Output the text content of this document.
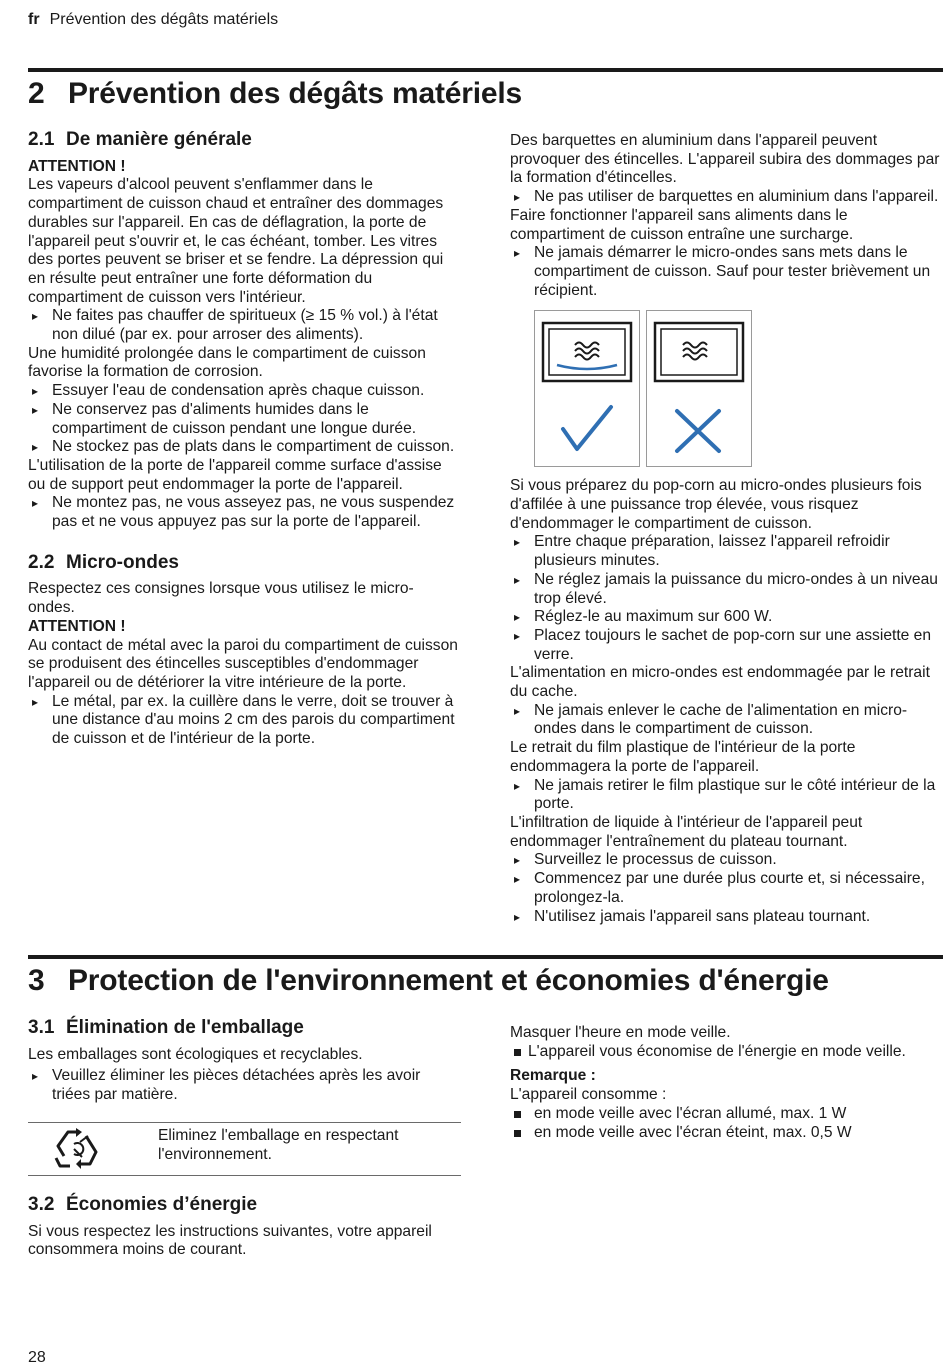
fr Prévention des dégâts matériels
2 Prévention des dégâts matériels
2.1 De manière générale

ATTENTION !

Les vapeurs d'alcool peuvent s'enflammer dans le compartiment de cuisson chaud et entraîner des dommages durables sur l'appareil. En cas de déflagration, la porte de l'appareil peut s'ouvrir et, le cas échéant, tomber. Les vitres des portes peuvent se briser et se fendre. La dépression qui en résulte peut entraîner une forte déformation du compartiment de cuisson vers l'intérieur.

▸ Ne faites pas chauffer de spiritueux (≥ 15 % vol.) à l'état non dilué (par ex. pour arroser des aliments).

Une humidité prolongée dans le compartiment de cuisson favorise la formation de corrosion.

▸ Essuyer l'eau de condensation après chaque cuisson.
▸ Ne conservez pas d'aliments humides dans le compartiment de cuisson pendant une longue durée.
▸ Ne stockez pas de plats dans le compartiment de cuisson.

L'utilisation de la porte de l'appareil comme surface d'assise ou de support peut endommager la porte de l'appareil.

▸ Ne montez pas, ne vous asseyez pas, ne vous suspendez pas et ne vous appuyez pas sur la porte de l'appareil.
2.2 Micro-ondes

Respectez ces consignes lorsque vous utilisez le micro-ondes.

ATTENTION !

Au contact de métal avec la paroi du compartiment de cuisson se produisent des étincelles susceptibles d'endommager l'appareil ou de détériorer la vitre intérieure de la porte.

▸ Le métal, par ex. la cuillère dans le verre, doit se trouver à une distance d'au moins 2 cm des parois du compartiment de cuisson et de l'intérieur de la porte.

Des barquettes en aluminium dans l'appareil peuvent provoquer des étincelles. L'appareil subira des dommages par la formation d'étincelles.

▸ Ne pas utiliser de barquettes en aluminium dans l'appareil.

Faire fonctionner l'appareil sans aliments dans le compartiment de cuisson entraîne une surcharge.

▸ Ne jamais démarrer le micro-ondes sans mets dans le compartiment de cuisson. Sauf pour tester brièvement un récipient.

Si vous préparez du pop-corn au micro-ondes plusieurs fois d'affilée à une puissance trop élevée, vous risquez d'endommager le compartiment de cuisson.

▸ Entre chaque préparation, laissez l'appareil refroidir plusieurs minutes.
▸ Ne réglez jamais la puissance du micro-ondes à un niveau trop élevé.
▸ Réglez-le au maximum sur 600 W.
▸ Placez toujours le sachet de pop-corn sur une assiette en verre.

L'alimentation en micro-ondes est endommagée par le retrait du cache.

▸ Ne jamais enlever le cache de l'alimentation en micro-ondes dans le compartiment de cuisson.

Le retrait du film plastique de l'intérieur de la porte endommagera la porte de l'appareil.

▸ Ne jamais retirer le film plastique sur le côté intérieur de la porte.

L'infiltration de liquide à l'intérieur de l'appareil peut endommager l'entraînement du plateau tournant.

▸ Surveillez le processus de cuisson.
▸ Commencez par une durée plus courte et, si nécessaire, prolongez-la.
▸ N'utilisez jamais l'appareil sans plateau tournant.
3 Protection de l'environnement et économies d'énergie
3.1 Élimination de l'emballage

Les emballages sont écologiques et recyclables.

▸ Veuillez éliminer les pièces détachées après les avoir triées par matière.
Eliminez l'emballage en respectant l'environnement.
3.2 Économies d’énergie

Si vous respectez les instructions suivantes, votre appareil consommera moins de courant.

Masquer l'heure en mode veille.

L'appareil vous économise de l'énergie en mode veille.

Remarque :

L'appareil consomme :

en mode veille avec l'écran allumé, max. 1 W
en mode veille avec l'écran éteint, max. 0,5 W
28
